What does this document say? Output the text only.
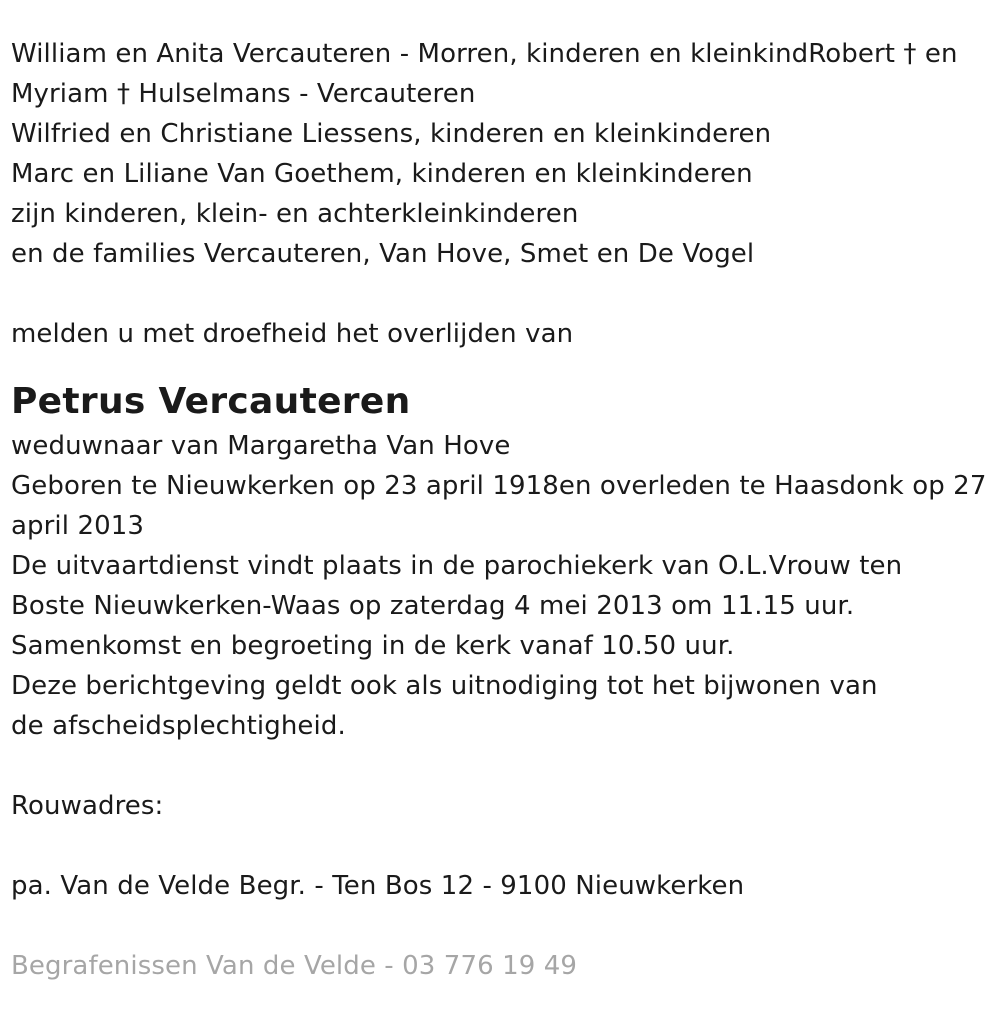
William en Anita Vercauteren - Morren, kinderen en kleinkindRobert † en
Myriam † Hulselmans - Vercauteren
Wilfried en Christiane Liessens, kinderen en kleinkinderen
Marc en Liliane Van Goethem, kinderen en kleinkinderen
zijn kinderen, klein- en achterkleinkinderen
en de families Vercauteren, Van Hove, Smet en De Vogel
melden u met droefheid het overlijden van
Petrus Vercauteren
weduwnaar van Margaretha Van Hove
Geboren te Nieuwkerken op 23 april 1918en overleden te Haasdonk op 27
april 2013
De uitvaartdienst vindt plaats in de parochiekerk van O.L.Vrouw ten
Boste Nieuwkerken-Waas op zaterdag 4 mei 2013 om 11.15 uur.
Samenkomst en begroeting in de kerk vanaf 10.50 uur.
Deze berichtgeving geldt ook als uitnodiging tot het bijwonen van
de afscheidsplechtigheid.
Rouwadres:
pa. Van de Velde Begr. - Ten Bos 12 - 9100 Nieuwkerken
Begrafenissen Van de Velde - 03 776 19 49
